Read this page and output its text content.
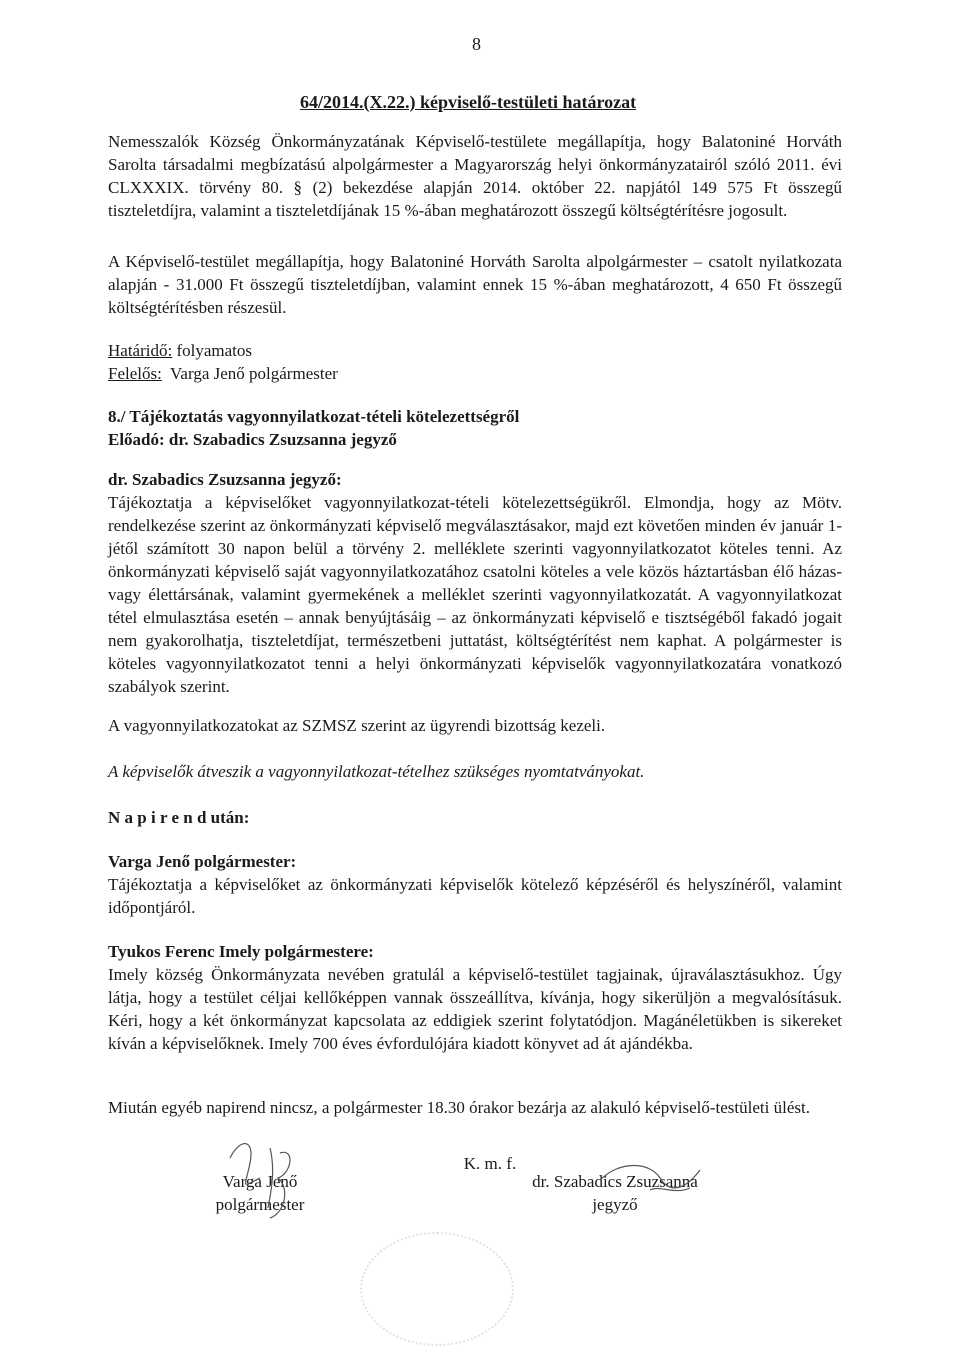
8
64/2014.(X.22.) képviselő-testületi határozat
Nemesszalók Község Önkormányzatának Képviselő-testülete megállapítja, hogy Balatoniné Horváth Sarolta társadalmi megbízatású alpolgármester a Magyarország helyi önkormányzatairól szóló 2011. évi CLXXXIX. törvény 80. § (2) bekezdése alapján 2014. október 22. napjától 149 575 Ft összegű tiszteletdíjra, valamint a tiszteletdíjának 15 %-ában meghatározott összegű költségtérítésre jogosult.
A Képviselő-testület megállapítja, hogy Balatoniné Horváth Sarolta alpolgármester – csatolt nyilatkozata alapján - 31.000 Ft összegű tiszteletdíjban, valamint ennek 15 %-ában meghatározott, 4 650 Ft összegű költségtérítésben részesül.
Határidő: folyamatos
Felelős:  Varga Jenő polgármester
8./ Tájékoztatás vagyonnyilatkozat-tételi kötelezettségről
Előadó: dr. Szabadics Zsuzsanna jegyző
dr. Szabadics Zsuzsanna jegyző:
Tájékoztatja a képviselőket vagyonnyilatkozat-tételi kötelezettségükről. Elmondja, hogy az Mötv. rendelkezése szerint az önkormányzati képviselő megválasztásakor, majd ezt követően minden év január 1-jétől számított 30 napon belül a törvény 2. melléklete szerinti vagyonnyilatkozatot köteles tenni. Az önkormányzati képviselő saját vagyonnyilatkozatához csatolni köteles a vele közös háztartásban élő házas- vagy élettársának, valamint gyermekének a melléklet szerinti vagyonnyilatkozatát. A vagyonnyilatkozat tétel elmulasztása esetén – annak benyújtásáig – az önkormányzati képviselő e tisztségéből fakadó jogait nem gyakorolhatja, tiszteletdíjat, természetbeni juttatást, költségtérítést nem kaphat. A polgármester is köteles vagyonnyilatkozatot tenni a helyi önkormányzati képviselők vagyonnyilatkozatára vonatkozó szabályok szerint.
A vagyonnyilatkozatokat az SZMSZ szerint az ügyrendi bizottság kezeli.
A képviselők átveszik a vagyonnyilatkozat-tételhez szükséges nyomtatványokat.
N a p i r e n d után:
Varga Jenő polgármester:
Tájékoztatja a képviselőket az önkormányzati képviselők kötelező képzéséről és helyszínéről, valamint időpontjáról.
Tyukos Ferenc Imely polgármestere:
Imely község Önkormányzata nevében gratulál a képviselő-testület tagjainak, újraválasztásukhoz. Úgy látja, hogy a testület céljai kellőképpen vannak összeállítva, kívánja, hogy sikerüljön a megvalósításuk. Kéri, hogy a két önkormányzat kapcsolata az eddigiek szerint folytatódjon. Magánéletükben is sikereket kíván a képviselőknek. Imely 700 éves évfordulójára kiadott könyvet ad át ajándékba.
Miután egyéb napirend nincsz, a polgármester 18.30 órakor bezárja az alakuló képviselő-testületi ülést.
K. m. f.
Varga Jenő
polgármester
dr. Szabadics Zsuzsanna
jegyző
